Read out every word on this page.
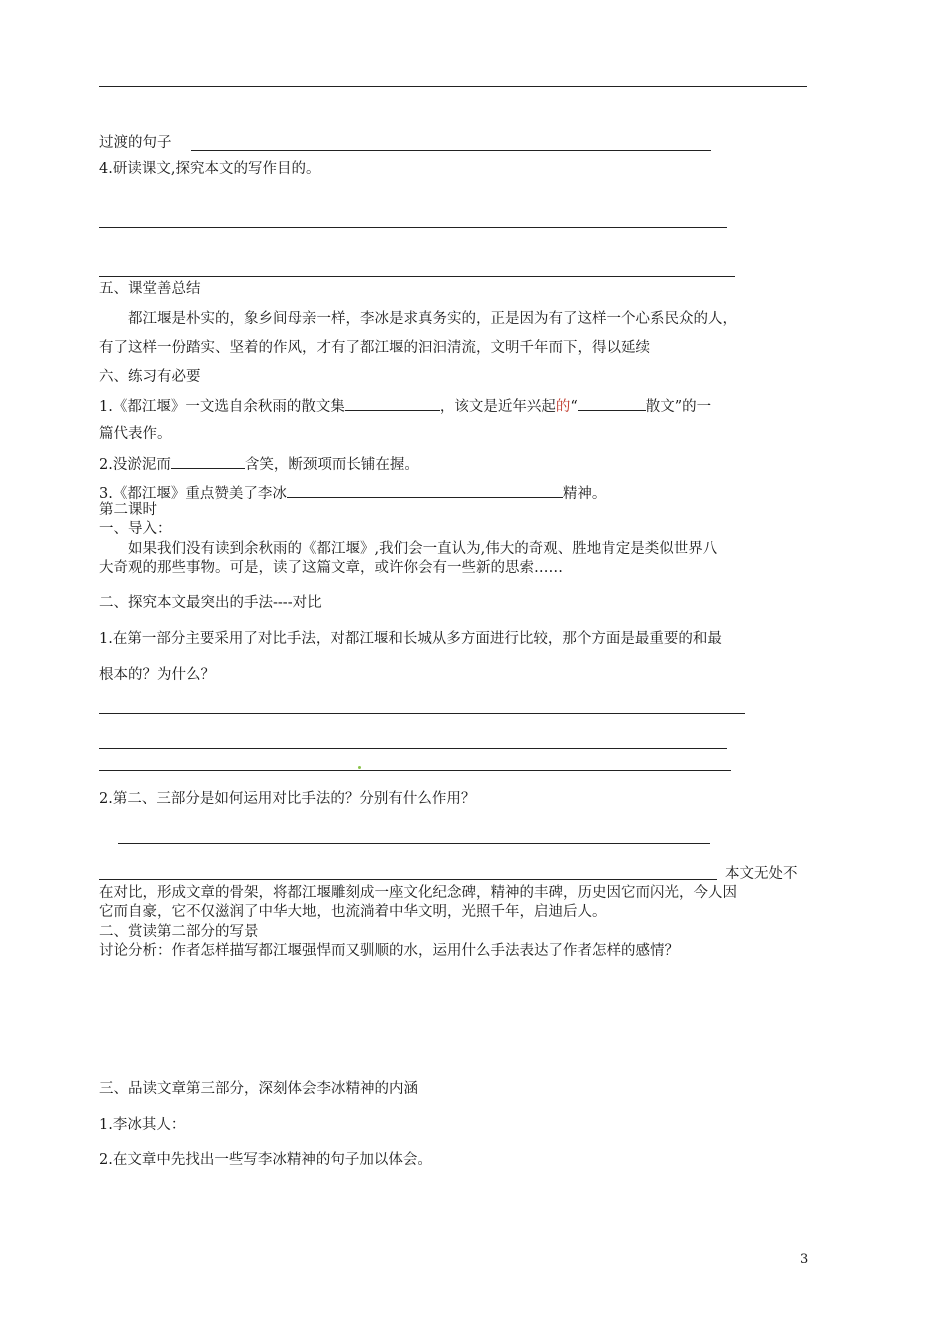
过渡的句子
4.研读课文,探究本文的写作目的。
五、课堂善总结
都江堰是朴实的，象乡间母亲一样，李冰是求真务实的，正是因为有了这样一个心系民众的人，
有了这样一份踏实、坚着的作风，才有了都江堰的汩汩清流，文明千年而下，得以延续
六、练习有必要
1.《都江堰》一文选自余秋雨的散文集	，该文是近年兴起的“	散文”的一
篇代表作。
2.没淤泥而	含笑，断颈项而长铺在握。
3.《都江堰》重点赞美了李冰	精神。
第二课时
一、导入：
如果我们没有读到余秋雨的《都江堰》,我们会一直认为,伟大的奇观、胜地肯定是类似世界八
大奇观的那些事物。可是，读了这篇文章，或许你会有一些新的思索……
二、探究本文最突出的手法----对比
1.在第一部分主要采用了对比手法，对都江堰和长城从多方面进行比较，那个方面是最重要的和最
根本的？为什么？
2.第二、三部分是如何运用对比手法的？分别有什么作用？
本文无处不
在对比，形成文章的骨架，将都江堰雕刻成一座文化纪念碑，精神的丰碑，历史因它而闪光，今人因
它而自豪，它不仅滋润了中华大地，也流淌着中华文明，光照千年，启迪后人。
二、赏读第二部分的写景
讨论分析：作者怎样描写都江堰强悍而又驯顺的水，运用什么手法表达了作者怎样的感情？
三、品读文章第三部分，深刻体会李冰精神的内涵
1.李冰其人：
2.在文章中先找出一些写李冰精神的句子加以体会。
3
